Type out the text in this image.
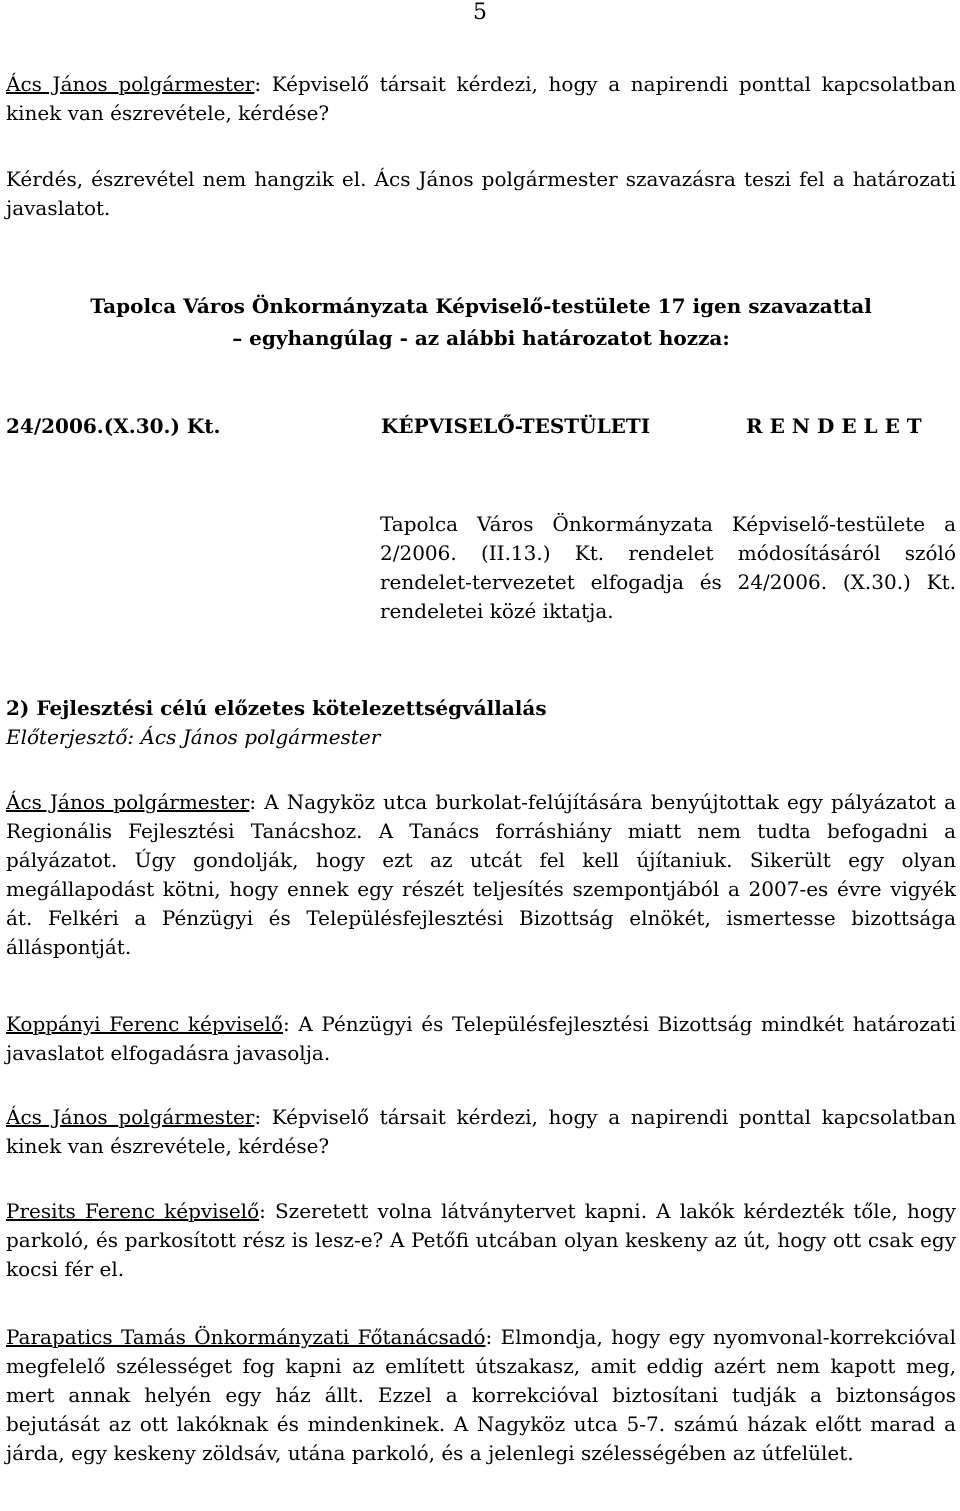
5

Ács János polgármester: Képviselő társait kérdezi, hogy a napirendi ponttal kapcsolatban kinek van észrevétele, kérdése?

Kérdés, észrevétel nem hangzik el. Ács János polgármester szavazásra teszi fel a határozati javaslatot.

Tapolca Város Önkormányzata Képviselő-testülete 17 igen szavazattal

– egyhangúlag - az alábbi határozatot hozza:

24/2006.(X.30.) Kt.	KÉPVISELŐ-TESTÜLETI	R E N D E L E T

Tapolca Város Önkormányzata Képviselő-testülete a 2/2006. (II.13.) Kt. rendelet módosításáról szóló rendelet-tervezetet elfogadja és 24/2006. (X.30.) Kt. rendeletei közé iktatja.

2) Fejlesztési célú előzetes kötelezettségvállalás

Előterjesztő: Ács János polgármester

Ács János polgármester: A Nagyköz utca burkolat-felújítására benyújtottak egy pályázatot a Regionális Fejlesztési Tanácshoz. A Tanács forráshiány miatt nem tudta befogadni a pályázatot. Úgy gondolják, hogy ezt az utcát fel kell újítaniuk. Sikerült egy olyan megállapodást kötni, hogy ennek egy részét teljesítés szempontjából a 2007-es évre vigyék át. Felkéri a Pénzügyi és Településfejlesztési Bizottság elnökét, ismertesse bizottsága álláspontját.

Koppányi Ferenc képviselő: A Pénzügyi és Településfejlesztési Bizottság mindkét határozati javaslatot elfogadásra javasolja.

Ács János polgármester: Képviselő társait kérdezi, hogy a napirendi ponttal kapcsolatban kinek van észrevétele, kérdése?

Presits Ferenc képviselő: Szeretett volna látványtervet kapni. A lakók kérdezték tőle, hogy parkoló, és parkosított rész is lesz-e? A Petőfi utcában olyan keskeny az út, hogy ott csak egy kocsi fér el.

Parapatics Tamás Önkormányzati Főtanácsadó: Elmondja, hogy egy nyomvonal-korrekcióval megfelelő szélességet fog kapni az említett útszakasz, amit eddig azért nem kapott meg, mert annak helyén egy ház állt. Ezzel a korrekcióval biztosítani tudják a biztonságos bejutását az ott lakóknak és mindenkinek. A Nagyköz utca 5-7. számú házak előtt marad a járda, egy keskeny zöldsáv, utána parkoló, és a jelenlegi szélességében az útfelület.
